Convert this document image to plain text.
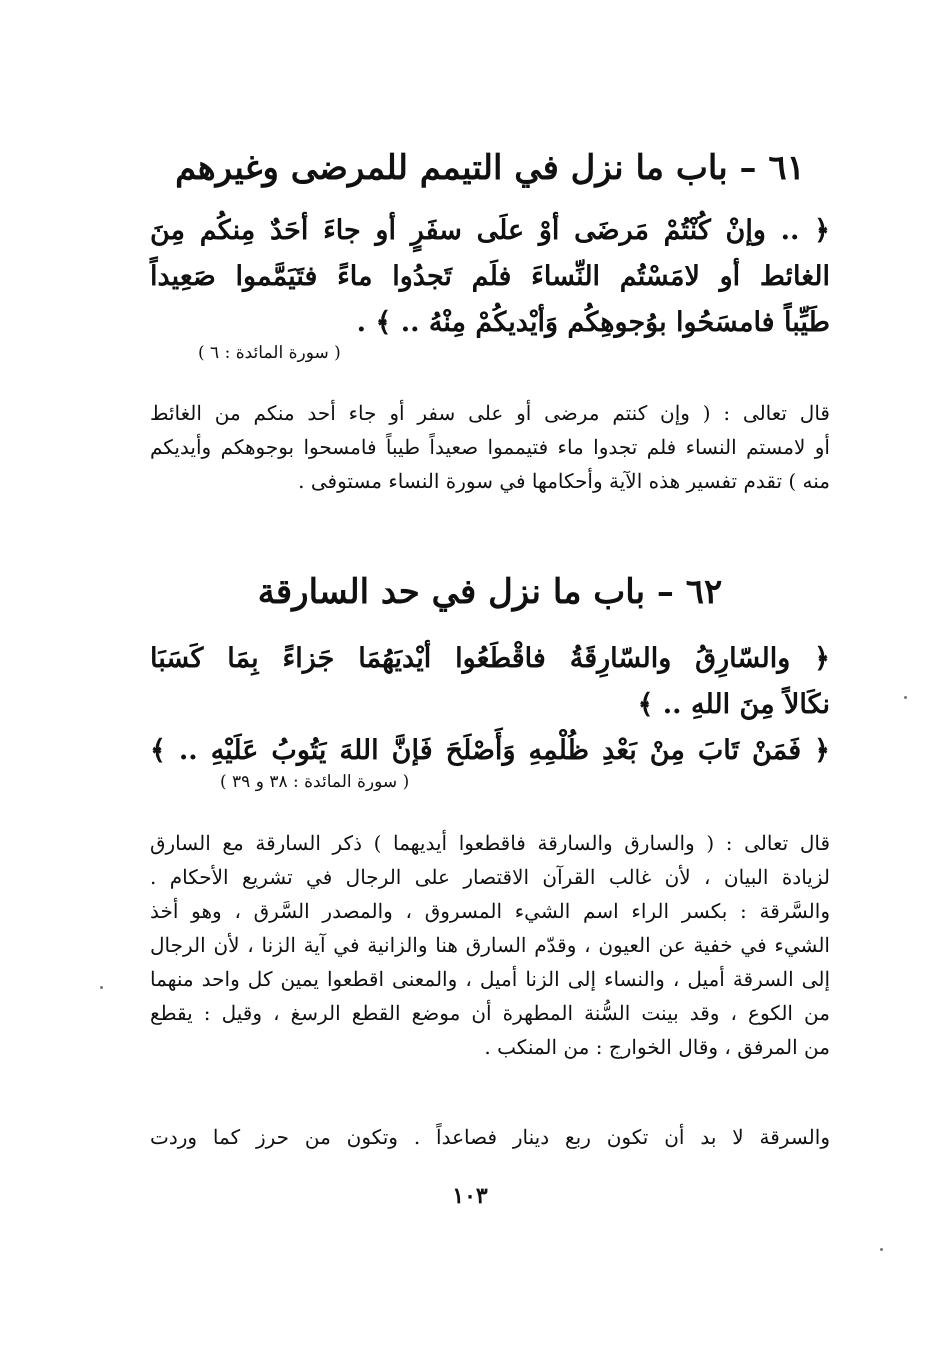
٦١ – باب ما نزل في التيمم للمرضى وغيرهم
﴿ .. وإنْ كُنْتُمْ مَرضَى أوْ علَى سفَرٍ أو جاءَ أحَدٌ مِنكُم مِنَ
الغائط أو لامَسْتُم النِّساءَ فلَم تَجدُوا ماءً فتَيَمَّموا صَعِيداً
طَيِّباً فامسَحُوا بوُجوهِكُم وَأيْديكُمْ مِنْهُ .. ﴾ .
( سورة المائدة : ٦ )
قال تعالى : ( وإن كنتم مرضى أو على سفر أو جاء أحد منكم من الغائط
أو لامستم النساء فلم تجدوا ماء فتيمموا صعيداً طيباً فامسحوا بوجوهكم وأيديكم
منه ) تقدم تفسير هذه الآية وأحكامها في سورة النساء مستوفى .
٦٢ – باب ما نزل في حد السارقة
﴿ والسّارِقُ والسّارِقَةُ فاقْطَعُوا أيْديَهُمَا جَزاءً بِمَا كَسَبَا
نكَالاً مِنَ اللهِ .. ﴾
﴿ فَمَنْ تَابَ مِنْ بَعْدِ ظُلْمِهِ وَأَصْلَحَ فَإنَّ اللهَ يَتُوبُ عَلَيْهِ .. ﴾
( سورة المائدة : ٣٨ و ٣٩ )
قال تعالى : ( والسارق والسارقة فاقطعوا أيديهما ) ذكر السارقة مع السارق
لزيادة البيان ، لأن غالب القرآن الاقتصار على الرجال في تشريع الأحكام .
والسَّرقة : بكسر الراء اسم الشيء المسروق ، والمصدر السَّرق ، وهو أخذ
الشيء في خفية عن العيون ، وقدّم السارق هنا والزانية في آية الزنا ، لأن الرجال
إلى السرقة أميل ، والنساء إلى الزنا أميل ، والمعنى اقطعوا يمين كل واحد منهما
من الكوع ، وقد بينت السُّنة المطهرة أن موضع القطع الرسغ ، وقيل : يقطع
من المرفق ، وقال الخوارج : من المنكب .
والسرقة لا بد أن تكون ربع دينار فصاعداً . وتكون من حرز كما وردت
١٠٣
